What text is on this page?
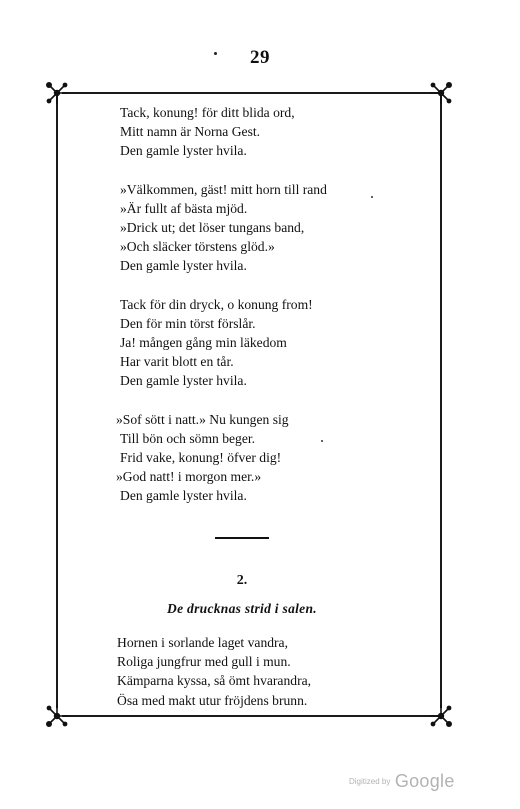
29
Tack, konung! för ditt blida ord,
Mitt namn är Norna Gest.
Den gamle lyster hvila.
»Välkommen, gäst! mitt horn till rand
»Är fullt af bästa mjöd.
»Drick ut; det löser tungans band,
»Och släcker törstens glöd.»
Den gamle lyster hvila.
Tack för din dryck, o konung from!
Den för min törst förslår.
Ja! mången gång min läkedom
Har varit blott en tår.
Den gamle lyster hvila.
»Sof sött i natt.» Nu kungen sig
Till bön och sömn beger.
Frid vake, konung! öfver dig!
»God natt! i morgon mer.»
Den gamle lyster hvila.
2.
De drucknas strid i salen.
Hornen i sorlande laget vandra,
Roliga jungfrur med gull i mun.
Kämparna kyssa, så ömt hvarandra,
Ösa med makt utur fröjdens brunn.
Digitized by Google
